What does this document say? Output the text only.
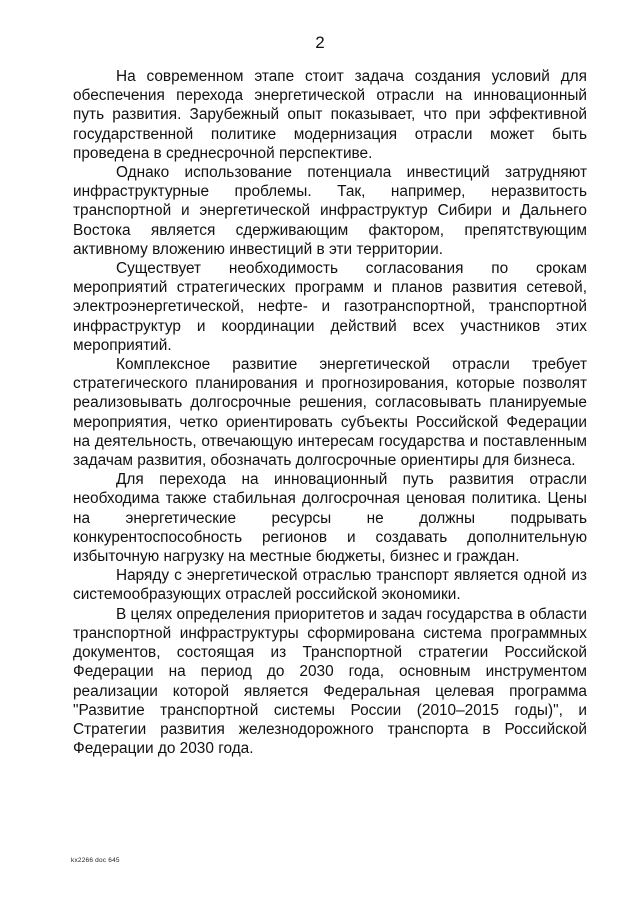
2

На современном этапе стоит задача создания условий для обеспечения перехода энергетической отрасли на инновационный путь развития. Зарубежный опыт показывает, что при эффективной государственной политике модернизация отрасли может быть проведена в среднесрочной перспективе.

Однако использование потенциала инвестиций затрудняют инфраструктурные проблемы. Так, например, неразвитость транспортной и энергетической инфраструктур Сибири и Дальнего Востока является сдерживающим фактором, препятствующим активному вложению инвестиций в эти территории.

Существует необходимость согласования по срокам мероприятий стратегических программ и планов развития сетевой, электроэнергетической, нефте- и газотранспортной, транспортной инфраструктур и координации действий всех участников этих мероприятий.

Комплексное развитие энергетической отрасли требует стратегического планирования и прогнозирования, которые позволят реализовывать долгосрочные решения, согласовывать планируемые мероприятия, четко ориентировать субъекты Российской Федерации на деятельность, отвечающую интересам государства и поставленным задачам развития, обозначать долгосрочные ориентиры для бизнеса.

Для перехода на инновационный путь развития отрасли необходима также стабильная долгосрочная ценовая политика. Цены на энергетические ресурсы не должны подрывать конкурентоспособность регионов и создавать дополнительную избыточную нагрузку на местные бюджеты, бизнес и граждан.

Наряду с энергетической отраслью транспорт является одной из системообразующих отраслей российской экономики.

В целях определения приоритетов и задач государства в области транспортной инфраструктуры сформирована система программных документов, состоящая из Транспортной стратегии Российской Федерации на период до 2030 года, основным инструментом реализации которой является Федеральная целевая программа "Развитие транспортной системы России (2010–2015 годы)", и Стратегии развития железнодорожного транспорта в Российской Федерации до 2030 года.

kx2266 doc 645
